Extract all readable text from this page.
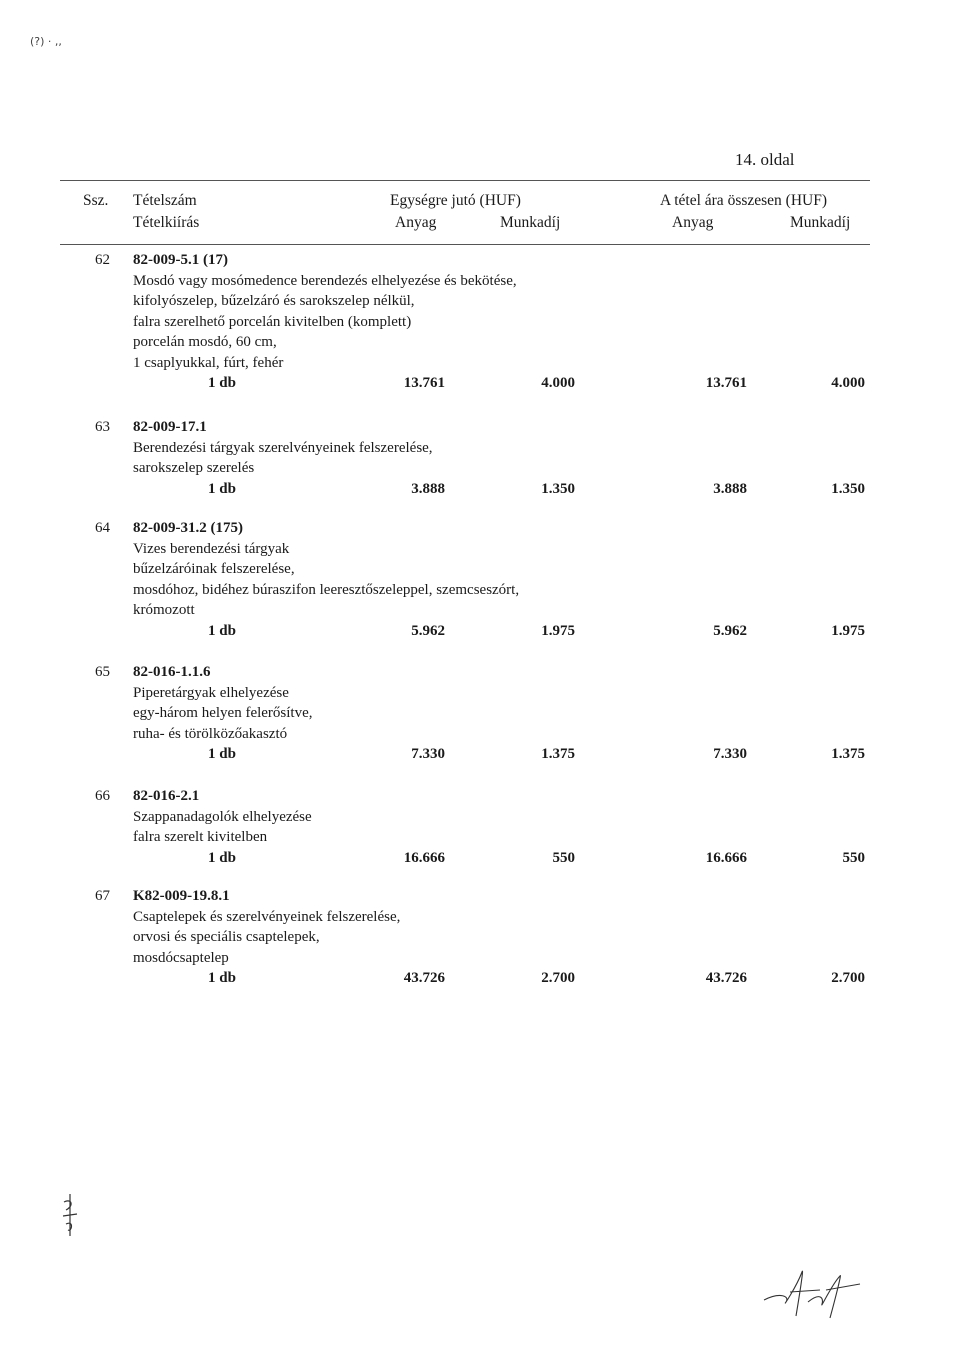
(?) · ,,
14. oldal
Ssz. Tételszám
Tételkiírás
Egységre jutó (HUF)	A tétel ára összesen (HUF)
Anyag	Munkadíj	Anyag	Munkadíj
62 82-009-5.1 (17)
Mosdó vagy mosómedence berendezés elhelyezése és bekötése,
kifolyószelep, bűzelzáró és sarokszelep nélkül,
falra szerelhető porcelán kivitelben (komplett)
porcelán mosdó, 60 cm,
1 csaplyukkal, fúrt, fehér
1 db	13.761	4.000	13.761	4.000
63 82-009-17.1
Berendezési tárgyak szerelvényeinek felszerelése,
sarokszelep szerelés
1 db	3.888	1.350	3.888	1.350
64 82-009-31.2 (175)
Vizes berendezési tárgyak
bűzelzáróinak felszerelése,
mosdóhoz, bidéhez búraszifon leeresztőszeleppel, szemcseszórt,
krómozott
1 db	5.962	1.975	5.962	1.975
65 82-016-1.1.6
Piperetárgyak elhelyezése
egy-három helyen felerősítve,
ruha- és törölközőakasztó
1 db	7.330	1.375	7.330	1.375
66 82-016-2.1
Szappanadagolók elhelyezése
falra szerelt kivitelben
1 db	16.666	550	16.666	550
67 K82-009-19.8.1
Csaptelepek és szerelvényeinek felszerelése,
orvosi és speciális csaptelepek,
mosdócsaptelep
1 db	43.726	2.700	43.726	2.700
